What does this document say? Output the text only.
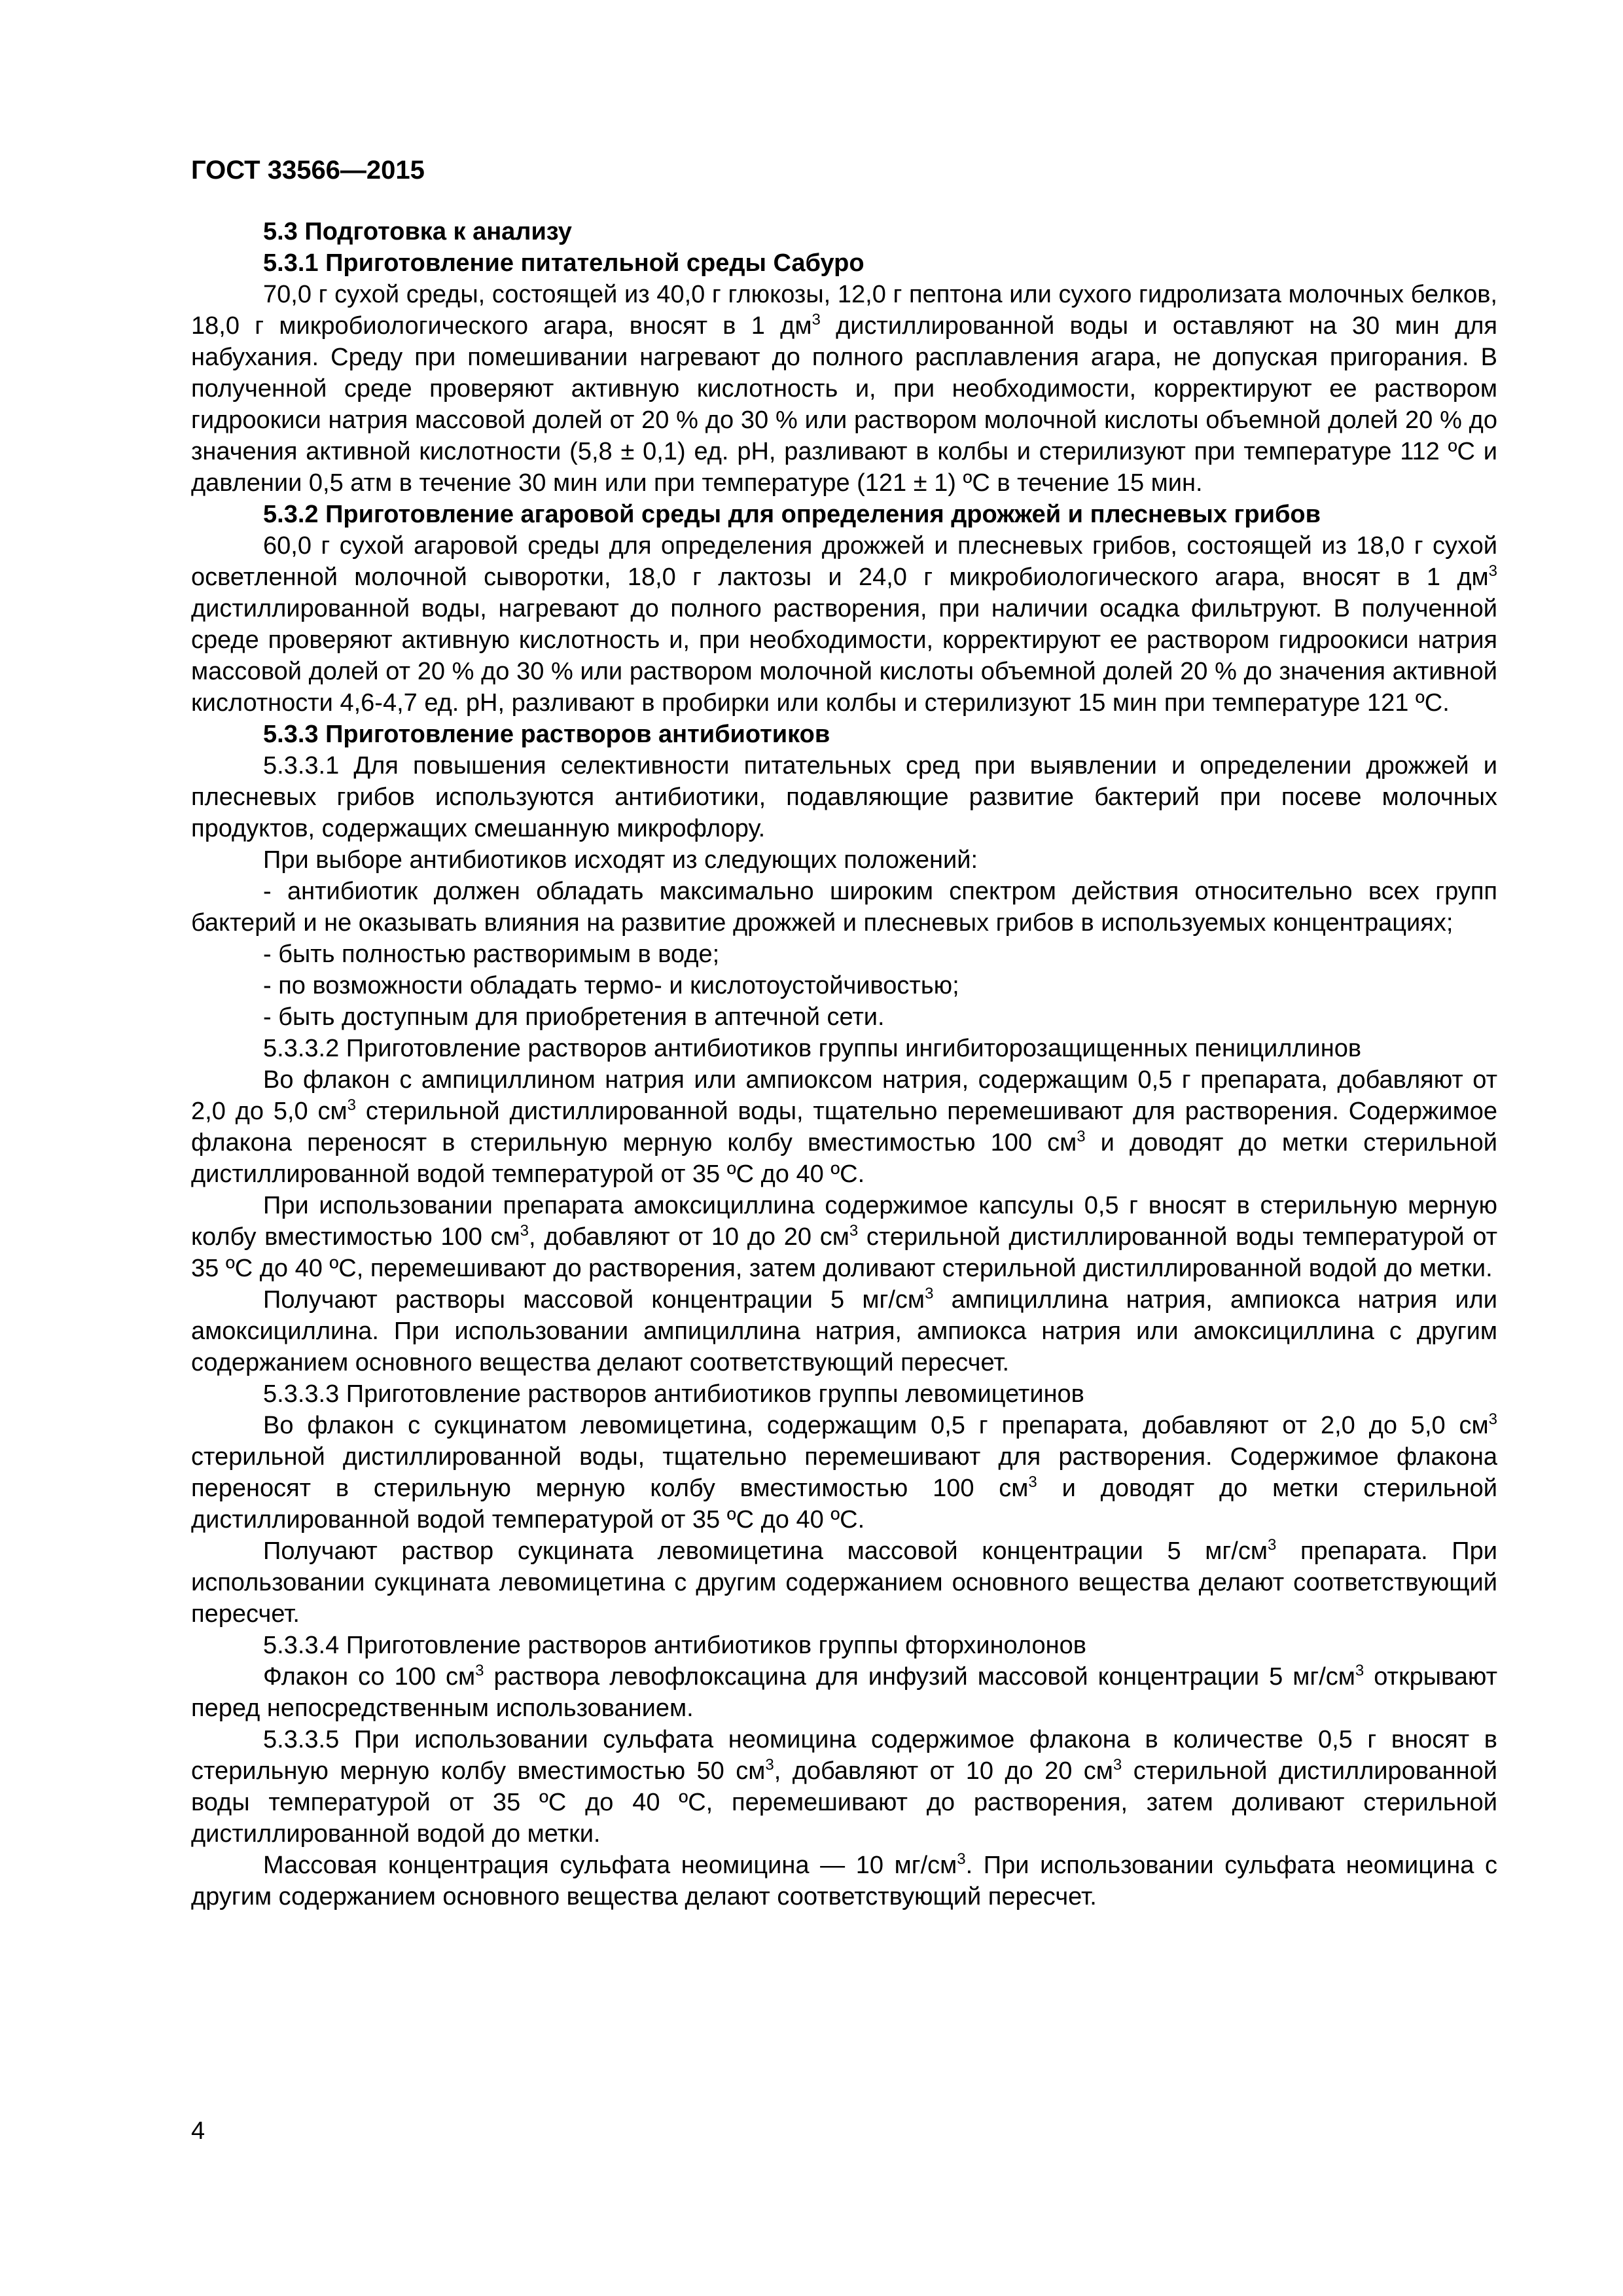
ГОСТ 33566—2015

5.3 Подготовка к анализу

5.3.1 Приготовление питательной среды Сабуро

70,0 г сухой среды, состоящей из 40,0 г глюкозы, 12,0 г пептона или сухого гидролизата молочных белков, 18,0 г микробиологического агара, вносят в 1 $дм^3$ дистиллированной воды и оставляют на 30 мин для набухания. Среду при помешивании нагревают до полного расплавления агара, не допуская пригорания. В полученной среде проверяют активную кислотность и, при необходимости, корректируют ее раствором гидроокиси натрия массовой долей от 20 % до 30 % или раствором молочной кислоты объемной долей 20 % до значения активной кислотности (5,8 ± 0,1) ед. рН, разливают в колбы и стерилизуют при температуре 112 ºС и давлении 0,5 атм в течение 30 мин или при температуре (121 ± 1) ºС в течение 15 мин.

5.3.2 Приготовление агаровой среды для определения дрожжей и плесневых грибов

60,0 г сухой агаровой среды для определения дрожжей и плесневых грибов, состоящей из 18,0 г сухой осветленной молочной сыворотки, 18,0 г лактозы и 24,0 г микробиологического агара, вносят в 1 $дм^3$ дистиллированной воды, нагревают до полного растворения, при наличии осадка фильтруют. В полученной среде проверяют активную кислотность и, при необходимости, корректируют ее раствором гидроокиси натрия массовой долей от 20 % до 30 % или раствором молочной кислоты объемной долей 20 % до значения активной кислотности 4,6-4,7 ед. рН, разливают в пробирки или колбы и стерилизуют 15 мин при температуре 121 ºС.

5.3.3 Приготовление растворов антибиотиков

5.3.3.1 Для повышения селективности питательных сред при выявлении и определении дрожжей и плесневых грибов используются антибиотики, подавляющие развитие бактерий при посеве молочных продуктов, содержащих смешанную микрофлору.

При выборе антибиотиков исходят из следующих положений:

- антибиотик должен обладать максимально широким спектром действия относительно всех групп бактерий и не оказывать влияния на развитие дрожжей и плесневых грибов в используемых концентрациях;

- быть полностью растворимым в воде;

- по возможности обладать термо- и кислотоустойчивостью;

- быть доступным для приобретения в аптечной сети.

5.3.3.2 Приготовление растворов антибиотиков группы ингибиторозащищенных пенициллинов

Во флакон с ампициллином натрия или ампиоксом натрия, содержащим 0,5 г препарата, добавляют от 2,0 до 5,0 $см^3$ стерильной дистиллированной воды, тщательно перемешивают для растворения. Содержимое флакона переносят в стерильную мерную колбу вместимостью 100 $см^3$ и доводят до метки стерильной дистиллированной водой температурой от 35 ºС до 40 ºС.

При использовании препарата амоксициллина содержимое капсулы 0,5 г вносят в стерильную мерную колбу вместимостью 100 $см^3$, добавляют от 10 до 20 $см^3$ стерильной дистиллированной воды температурой от 35 ºС до 40 ºС, перемешивают до растворения, затем доливают стерильной дистиллированной водой до метки.

Получают растворы массовой концентрации 5 $мг/см^3$ ампициллина натрия, ампиокса натрия или амоксициллина. При использовании ампициллина натрия, ампиокса натрия или амоксициллина с другим содержанием основного вещества делают соответствующий пересчет.

5.3.3.3 Приготовление растворов антибиотиков группы левомицетинов

Во флакон с сукцинатом левомицетина, содержащим 0,5 г препарата, добавляют от 2,0 до 5,0 $см^3$ стерильной дистиллированной воды, тщательно перемешивают для растворения. Содержимое флакона переносят в стерильную мерную колбу вместимостью 100 $см^3$ и доводят до метки стерильной дистиллированной водой температурой от 35 ºС до 40 ºС.

Получают раствор сукцината левомицетина массовой концентрации 5 $мг/см^3$ препарата. При использовании сукцината левомицетина с другим содержанием основного вещества делают соответствующий пересчет.

5.3.3.4 Приготовление растворов антибиотиков группы фторхинолонов

Флакон со 100 $см^3$ раствора левофлоксацина для инфузий массовой концентрации 5 $мг/см^3$ открывают перед непосредственным использованием.

5.3.3.5 При использовании сульфата неомицина содержимое флакона в количестве 0,5 г вносят в стерильную мерную колбу вместимостью 50 $см^3$, добавляют от 10 до 20 $см^3$ стерильной дистиллированной воды температурой от 35 ºС до 40 ºС, перемешивают до растворения, затем доливают стерильной дистиллированной водой до метки.

Массовая концентрация сульфата неомицина — 10 $мг/см^3$. При использовании сульфата неомицина с другим содержанием основного вещества делают соответствующий пересчет.

4
